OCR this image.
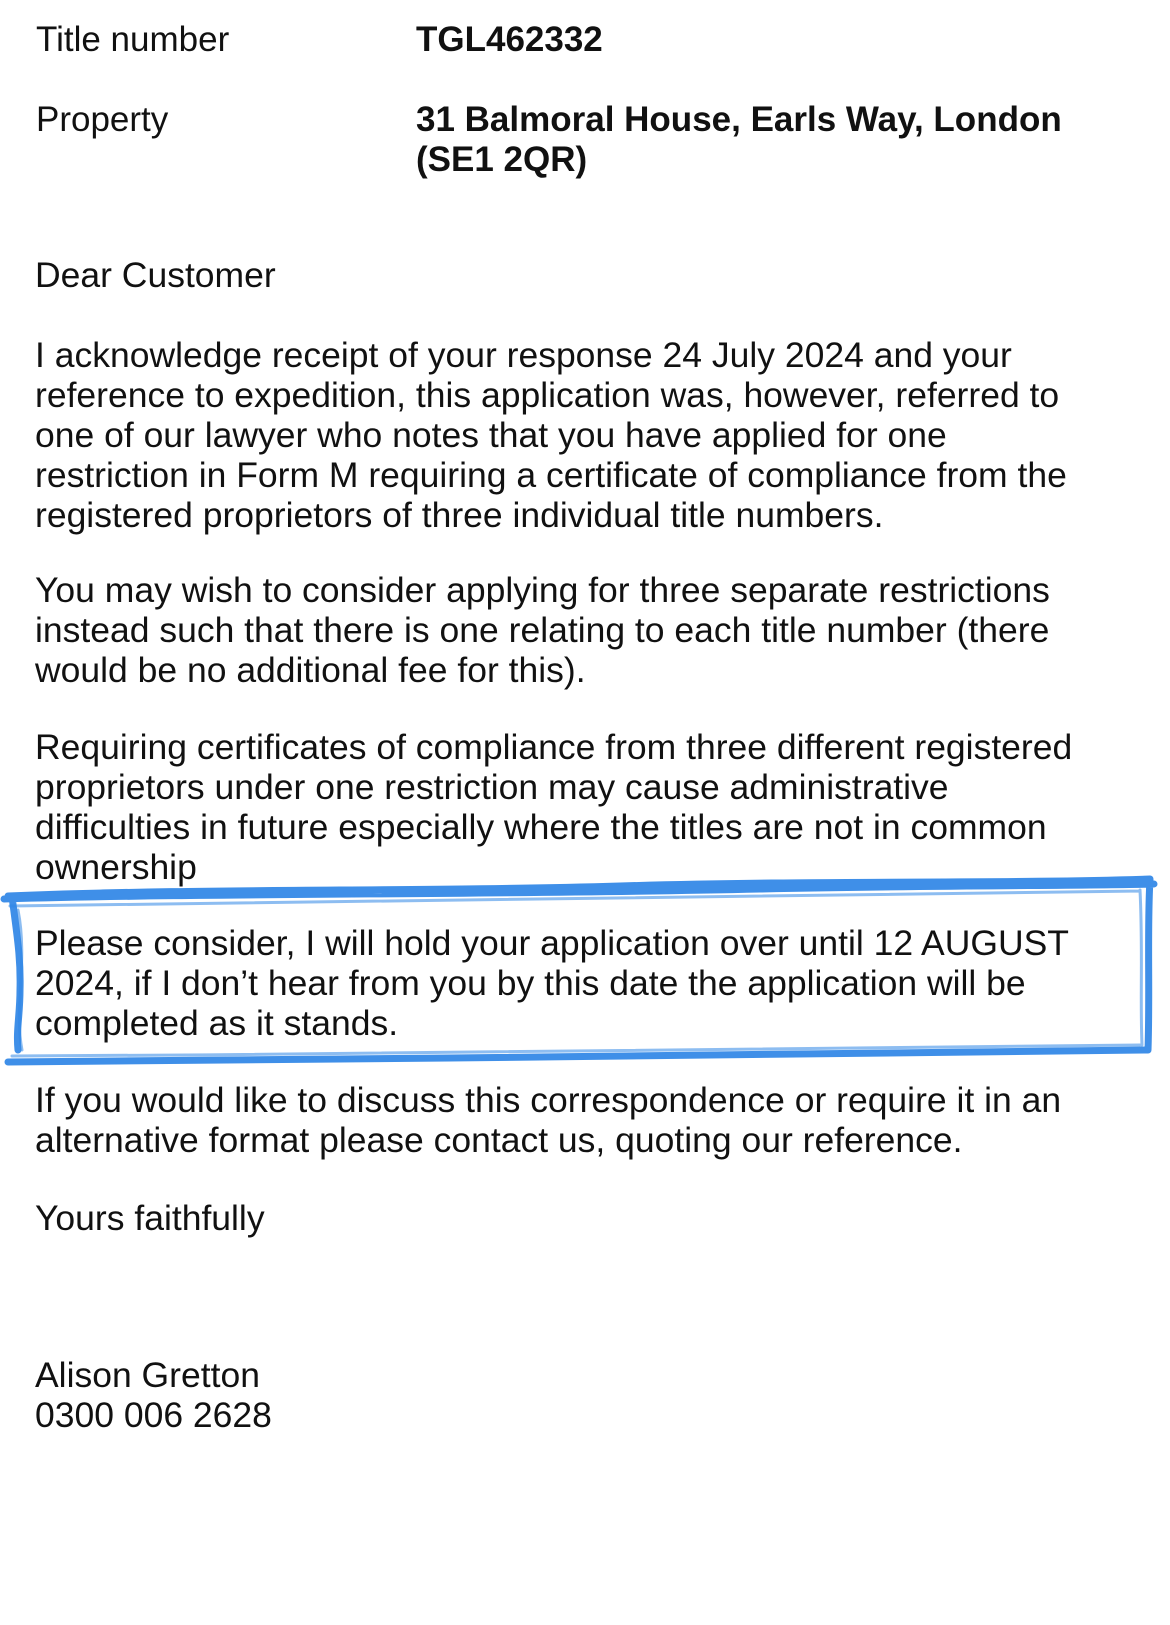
Title number	TGL462332
Property	31 Balmoral House, Earls Way, London
(SE1 2QR)

Dear Customer

I acknowledge receipt of your response 24 July 2024 and your
reference to expedition, this application was, however, referred to
one of our lawyer who notes that you have applied for one
restriction in Form M requiring a certificate of compliance from the
registered proprietors of three individual title numbers.
You may wish to consider applying for three separate restrictions
instead such that there is one relating to each title number (there
would be no additional fee for this).
Requiring certificates of compliance from three different registered
proprietors under one restriction may cause administrative
difficulties in future especially where the titles are not in common
ownership
Please consider, I will hold your application over until 12 AUGUST
2024, if I don’t hear from you by this date the application will be
completed as it stands.
If you would like to discuss this correspondence or require it in an
alternative format please contact us, quoting our reference.

Yours faithfully

Alison Gretton
0300 006 2628
